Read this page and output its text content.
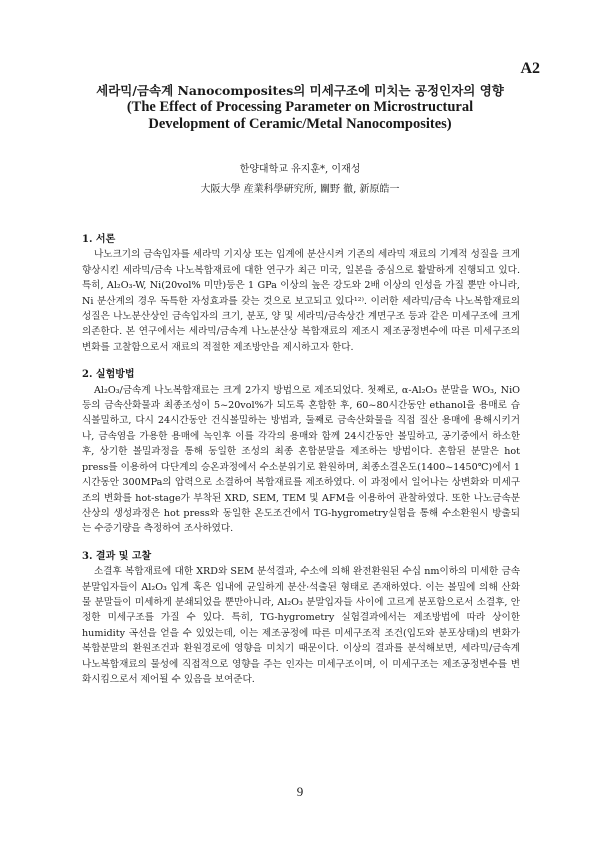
A2
세라믹/금속계 Nanocomposites의 미세구조에 미치는 공정인자의 영향
(The Effect of Processing Parameter on Microstructural
Development of Ceramic/Metal Nanocomposites)
한양대학교 유지훈*, 이재성
大阪大學 産業科學硏究所, 關野 徹, 新原皓一

1. 서론

나노크기의 금속입자를 세라믹 기지상 또는 입계에 분산시켜 기존의 세라믹 재료의 기계적 성질을 크게 향상시킨 세라믹/금속 나노복합재료에 대한 연구가 최근 미국, 일본을 중심으로 활발하게 진행되고 있다. 특히, Al₂O₃-W, Ni(20vol% 미만)등은 1 GPa 이상의 높은 강도와 2배 이상의 인성을 가질 뿐만 아니라, Ni 분산계의 경우 독특한 자성효과를 갖는 것으로 보고되고 있다¹²⁾. 이러한 세라믹/금속 나노복합재료의 성질은 나노분산상인 금속입자의 크기, 분포, 양 및 세라믹/금속상간 계면구조 등과 같은 미세구조에 크게 의존한다. 본 연구에서는 세라믹/금속계 나노분산상 복합재료의 제조시 제조공정변수에 따른 미세구조의 변화를 고찰함으로서 재료의 적절한 제조방안을 제시하고자 한다.

2. 실험방법

Al₂O₃/금속계 나노복합재료는 크게 2가지 방법으로 제조되었다. 첫째로, α-Al₂O₃ 분말을 WO₃, NiO 등의 금속산화물과 최종조성이 5~20vol%가 되도록 혼합한 후, 60~80시간동안 ethanol을 용매로 습식볼밀하고, 다시 24시간동안 건식볼밀하는 방법과, 둘째로 금속산화물을 직접 질산 용매에 용해시키거나, 금속염을 가용한 용매에 녹인후 이를 각각의 용매와 함께 24시간동안 볼밀하고, 공기중에서 하소한 후, 상기한 볼밀과정을 통해 동일한 조성의 최종 혼합분말을 제조하는 방법이다. 혼합된 분말은 hot press를 이용하여 다단계의 승온과정에서 수소분위기로 환원하며, 최종소결온도(1400~1450℃)에서 1시간동안 300MPa의 압력으로 소결하여 복합재료를 제조하였다. 이 과정에서 일어나는 상변화와 미세구조의 변화를 hot-stage가 부착된 XRD, SEM, TEM 및 AFM을 이용하여 관찰하였다. 또한 나노금속분산상의 생성과정은 hot press와 동일한 온도조건에서 TG-hygrometry실험을 통해 수소환원시 방출되는 수증기량을 측정하여 조사하였다.

3. 결과 및 고찰

소결후 복합재료에 대한 XRD와 SEM 분석결과, 수소에 의해 완전환원된 수십 nm이하의 미세한 금속분말입자들이 Al₂O₃ 입계 혹은 입내에 균일하게 분산·석출된 형태로 존재하였다. 이는 볼밀에 의해 산화물 분말들이 미세하게 분쇄되었을 뿐만아니라, Al₂O₃ 분말입자들 사이에 고르게 분포함으로서 소결후, 안정한 미세구조를 가질 수 있다. 특히, TG-hygrometry 실험결과에서는 제조방법에 따라 상이한 humidity 곡선을 얻을 수 있었는데, 이는 제조공정에 따른 미세구조적 조건(입도와 분포상태)의 변화가 복합분말의 환원조건과 환원경로에 영향을 미치기 때문이다. 이상의 결과를 분석해보면, 세라믹/금속계 나노복합재료의 물성에 직접적으로 영향을 주는 인자는 미세구조이며, 이 미세구조는 제조공정변수를 변화시킴으로서 제어될 수 있음을 보여준다.

9
